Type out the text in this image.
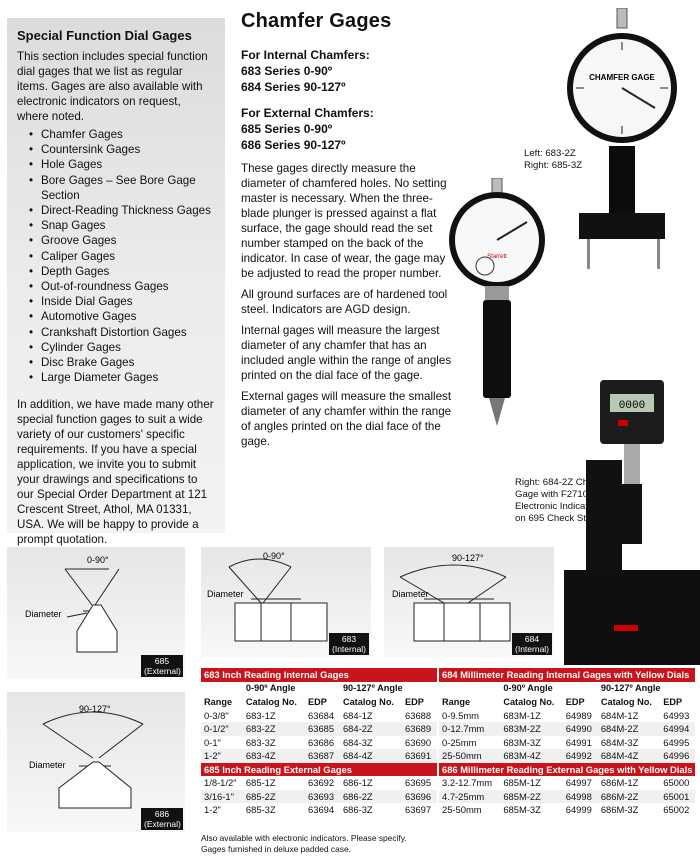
Special Function Dial Gages

This section includes special function dial gages that we list as regular items. Gages are also available with electronic indicators on request, where noted.

• Chamfer Gages
• Countersink Gages
• Hole Gages
• Bore Gages – See Bore Gage Section
• Direct-Reading Thickness Gages
• Snap Gages
• Groove Gages
• Caliper Gages
• Depth Gages
• Out-of-roundness Gages
• Inside Dial Gages
• Automotive Gages
• Crankshaft Distortion Gages
• Cylinder Gages
• Disc Brake Gages
• Large Diameter Gages

In addition, we have made many other special function gages to suit a wide variety of our customers' specific requirements. If you have a special application, we invite you to submit your drawings and specifications to our Special Order Department at 121 Crescent Street, Athol, MA 01331, USA. We will be happy to provide a prompt quotation.

Chamfer Gages
For Internal Chamfers:
683 Series 0-90º
684 Series 90-127º
For External Chamfers:
685 Series 0-90º
686 Series 90-127º

These gages directly measure the diameter of chamfered holes. No setting master is necessary. When the three-blade plunger is pressed against a flat surface, the gage should read the set number stamped on the back of the indicator. In case of wear, the gage may be adjusted to read the proper number.

All ground surfaces are of hardened tool steel. Indicators are AGD design.

Internal gages will measure the largest diameter of any chamfer that has an included angle within the range of angles printed on the dial face of the gage.

External gages will measure the smallest diameter of any chamfer within the range of angles printed on the dial face of the gage.

CHAMFER GAGE
Starrett
0000
Left: 683-2Z
Right: 685-3Z
Right: 684-2Z Chamfer
Gage with F2710-3
Electronic Indicator
on 695 Check Stand
0-90°
Diameter
685
(External)
0-90°
Diameter
683
(Internal)
90-127°
Diameter
684
(Internal)
90-127°
Diameter
686
(External)
683 Inch Reading Internal Gages				
	0-90º Angle		90-127º Angle	
Range	Catalog No.	EDP	Catalog No.	EDP
0-3/8"	683-1Z	63684	684-1Z	63688
0-1/2"	683-2Z	63685	684-2Z	63689
0-1"	683-3Z	63686	684-3Z	63690
1-2"	683-4Z	63687	684-4Z	63691
685 Inch Reading External Gages				
1/8-1/2"	685-1Z	63692	686-1Z	63695
3/16-1"	685-2Z	63693	686-2Z	63696
1-2"	685-3Z	63694	686-3Z	63697
684 Millimeter Reading Internal Gages with Yellow Dials				
	0-90º Angle		90-127º Angle	
Range	Catalog No.	EDP	Catalog No.	EDP
0-9.5mm	683M-1Z	64989	684M-1Z	64993
0-12.7mm	683M-2Z	64990	684M-2Z	64994
0-25mm	683M-3Z	64991	684M-3Z	64995
25-50mm	683M-4Z	64992	684M-4Z	64996
686 Millimeter Reading External Gages with Yellow Dials				
3.2-12.7mm	685M-1Z	64997	686M-1Z	65000
4.7-25mm	685M-2Z	64998	686M-2Z	65001
25-50mm	685M-3Z	64999	686M-3Z	65002
Also available with electronic indicators. Please specify.
Gages furnished in deluxe padded case.
